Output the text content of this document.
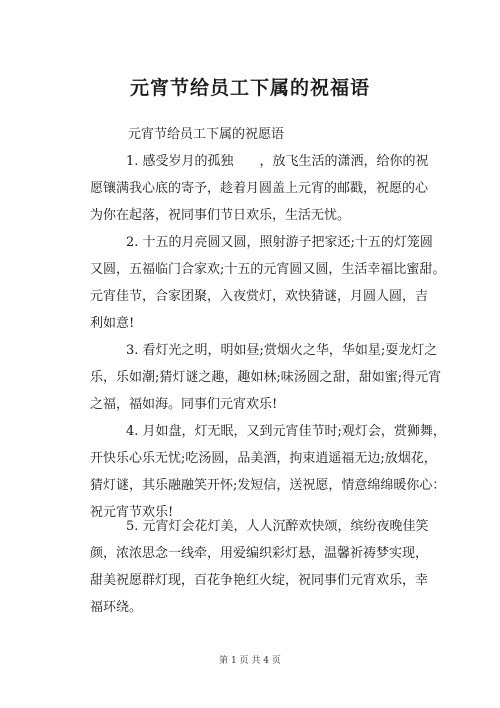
元宵节给员工下属的祝福语
元宵节给员工下属的祝愿语
1. 感受岁月的孤独　　，放飞生活的潇洒，给你的祝
愿镶满我心底的寄予，趁着月圆盖上元宵的邮戳，祝愿的心
为你在起落，祝同事们节日欢乐，生活无忧。
2. 十五的月亮圆又圆，照射游子把家还;十五的灯笼圆
又圆，五福临门合家欢;十五的元宵圆又圆，生活幸福比蜜甜。
元宵佳节，合家团聚，入夜赏灯，欢快猜谜，月圆人圆，吉
利如意!
3. 看灯光之明，明如昼;赏烟火之华，华如星;耍龙灯之
乐，乐如潮;猜灯谜之趣，趣如林;味汤圆之甜，甜如蜜;得元宵
之福，福如海。同事们元宵欢乐!
4. 月如盘，灯无眠，又到元宵佳节时;观灯会，赏狮舞，
开快乐心乐无忧;吃汤圆，品美酒，拘束逍遥福无边;放烟花，
猜灯谜，其乐融融笑开怀;发短信，送祝愿，情意绵绵暖你心：
祝元宵节欢乐!
5. 元宵灯会花灯美，人人沉醉欢快颂，缤纷夜晚佳笑
颜，浓浓思念一线牵，用爱编织彩灯悬，温馨祈祷梦实现，
甜美祝愿群灯现，百花争艳红火绽，祝同事们元宵欢乐，幸
福环绕。
第 1 页 共 4 页
